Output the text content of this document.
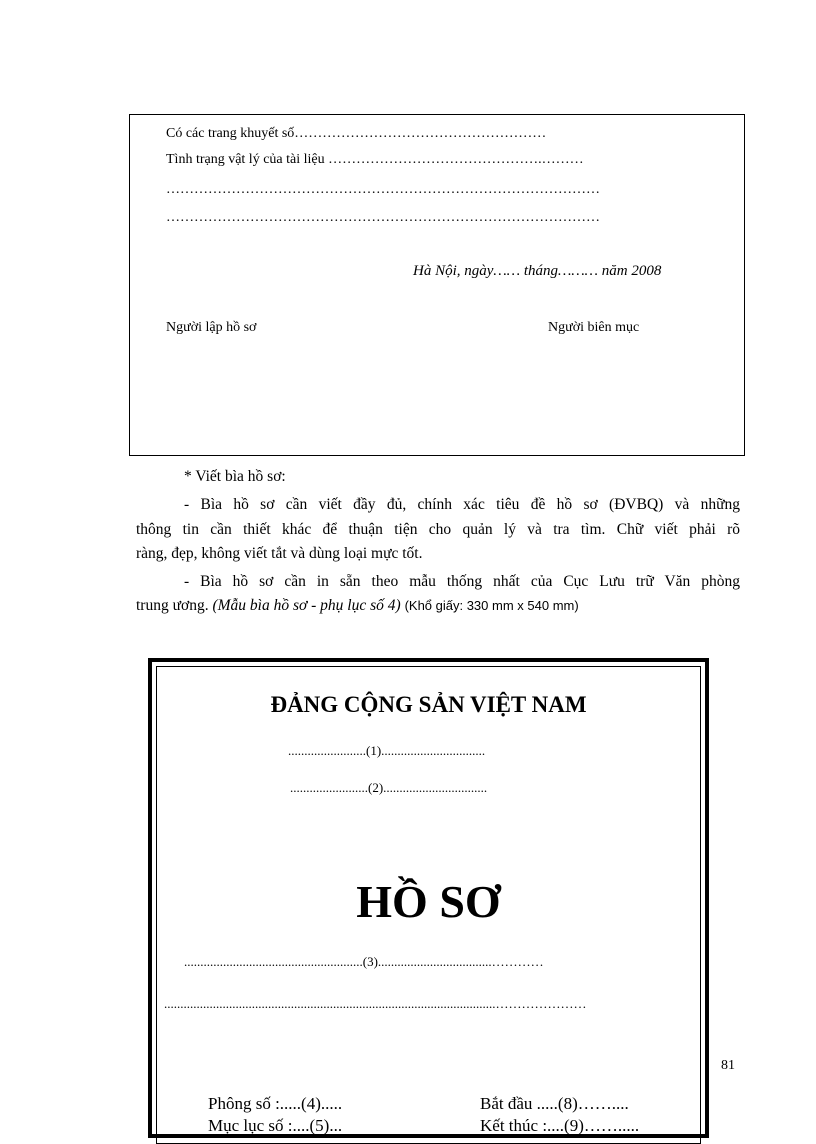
Có các trang khuyết số………………………………………………
Tình trạng vật lý của tài liệu ……………………………………….………
…………………………………………………………………………………
…………………………………………………………………………………
Hà Nội, ngày…… tháng……… năm 2008
Người lập hồ sơ	Người biên mục
* Viết bìa hồ sơ:
- Bìa hồ sơ cần viết đầy đủ, chính xác tiêu đề hồ sơ (ĐVBQ) và những
thông tin cần thiết khác để thuận tiện cho quản lý và tra tìm. Chữ viết phải rõ
ràng, đẹp, không viết tắt và dùng loại mực tốt.
- Bìa hồ sơ cần in sẵn theo mẫu thống nhất của Cục Lưu trữ Văn phòng
trung ương. (Mẫu bìa hồ sơ - phụ lục số 4) (Khổ giấy: 330 mm x 540 mm)
ĐẢNG CỘNG SẢN VIỆT NAM
........................(1)................................
........................(2)................................
HỒ SƠ
.......................................................(3)...................................…………
......................................................................................................…………………
Phông số :.....(4).....	Bắt đầu .....(8)……....
Mục lục số :....(5)...	Kết thúc :....(9)…….....
81
